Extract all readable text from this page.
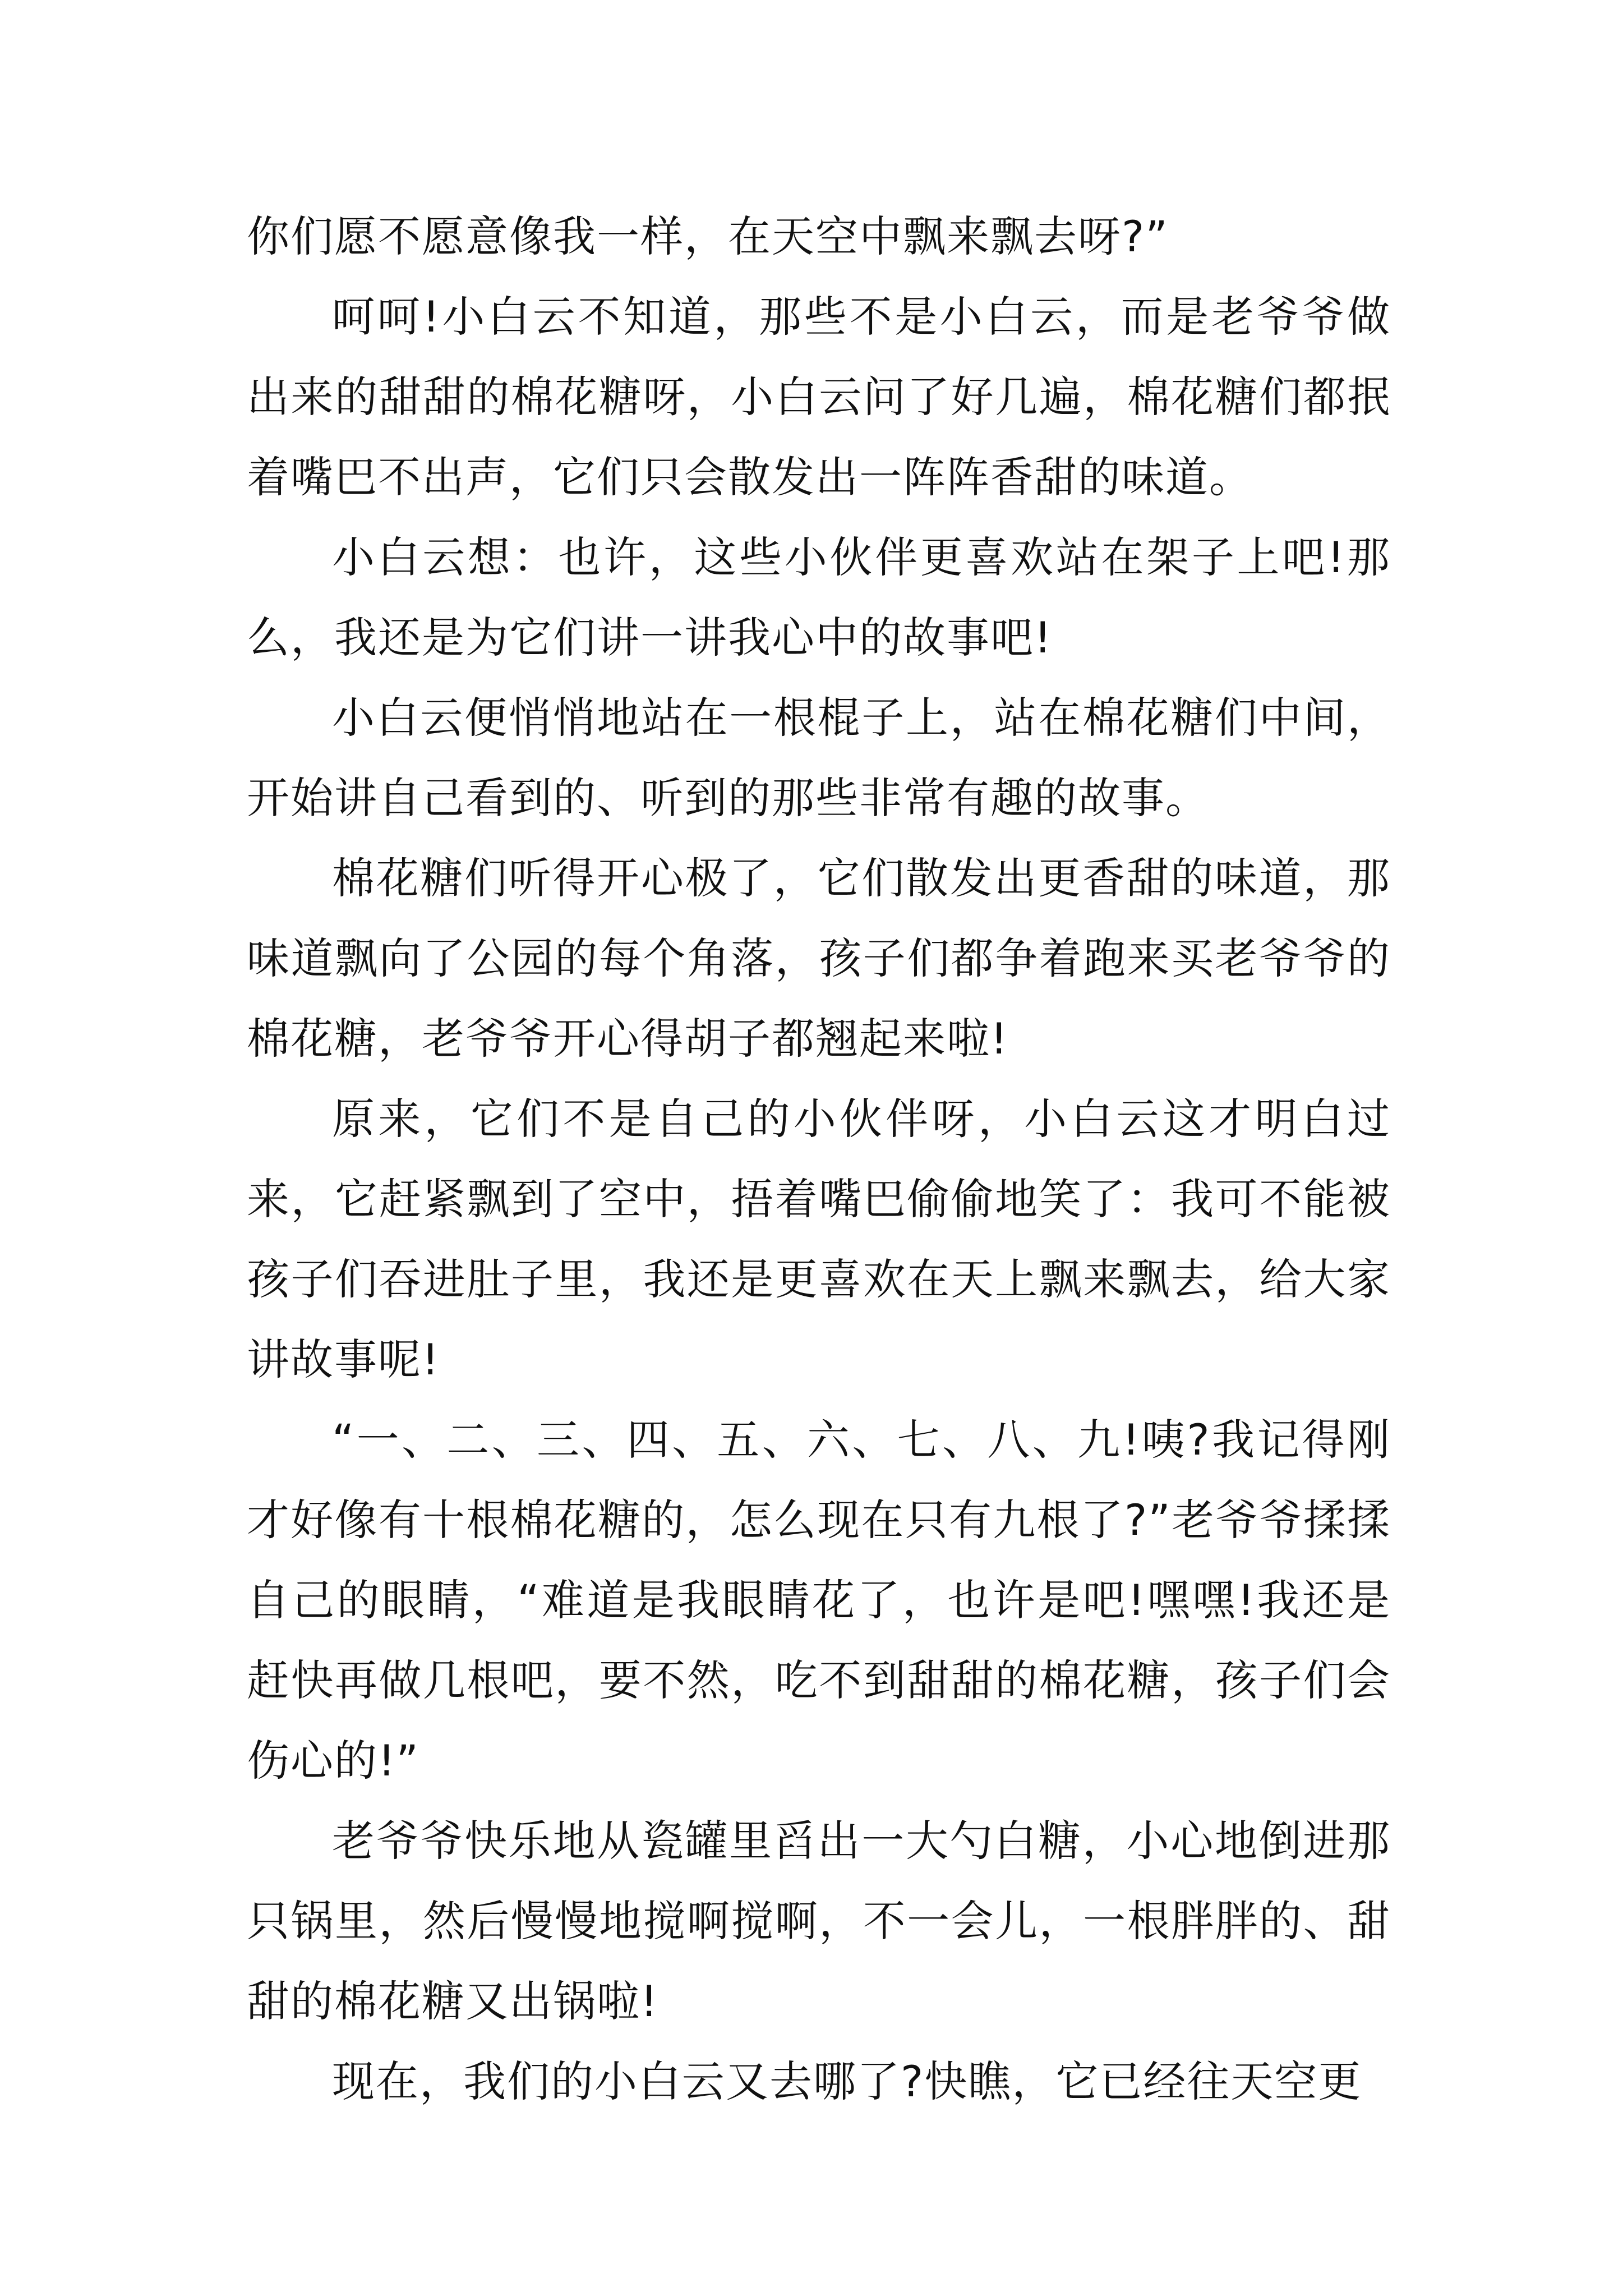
你们愿不愿意像我一样，在天空中飘来飘去呀?”

呵呵!小白云不知道，那些不是小白云，而是老爷爷做出来的甜甜的棉花糖呀，小白云问了好几遍，棉花糖们都抿着嘴巴不出声，它们只会散发出一阵阵香甜的味道。

小白云想：也许，这些小伙伴更喜欢站在架子上吧!那么，我还是为它们讲一讲我心中的故事吧!

小白云便悄悄地站在一根棍子上，站在棉花糖们中间，开始讲自己看到的、听到的那些非常有趣的故事。

棉花糖们听得开心极了，它们散发出更香甜的味道，那味道飘向了公园的每个角落，孩子们都争着跑来买老爷爷的棉花糖，老爷爷开心得胡子都翘起来啦!

原来，它们不是自己的小伙伴呀，小白云这才明白过来，它赶紧飘到了空中，捂着嘴巴偷偷地笑了：我可不能被孩子们吞进肚子里，我还是更喜欢在天上飘来飘去，给大家讲故事呢!

“一、二、三、四、五、六、七、八、九!咦?我记得刚才好像有十根棉花糖的，怎么现在只有九根了?”老爷爷揉揉自己的眼睛，“难道是我眼睛花了，也许是吧!嘿嘿!我还是赶快再做几根吧，要不然，吃不到甜甜的棉花糖，孩子们会伤心的!”

老爷爷快乐地从瓷罐里舀出一大勺白糖，小心地倒进那只锅里，然后慢慢地搅啊搅啊，不一会儿，一根胖胖的、甜甜的棉花糖又出锅啦!

现在，我们的小白云又去哪了?快瞧，它已经往天空更
